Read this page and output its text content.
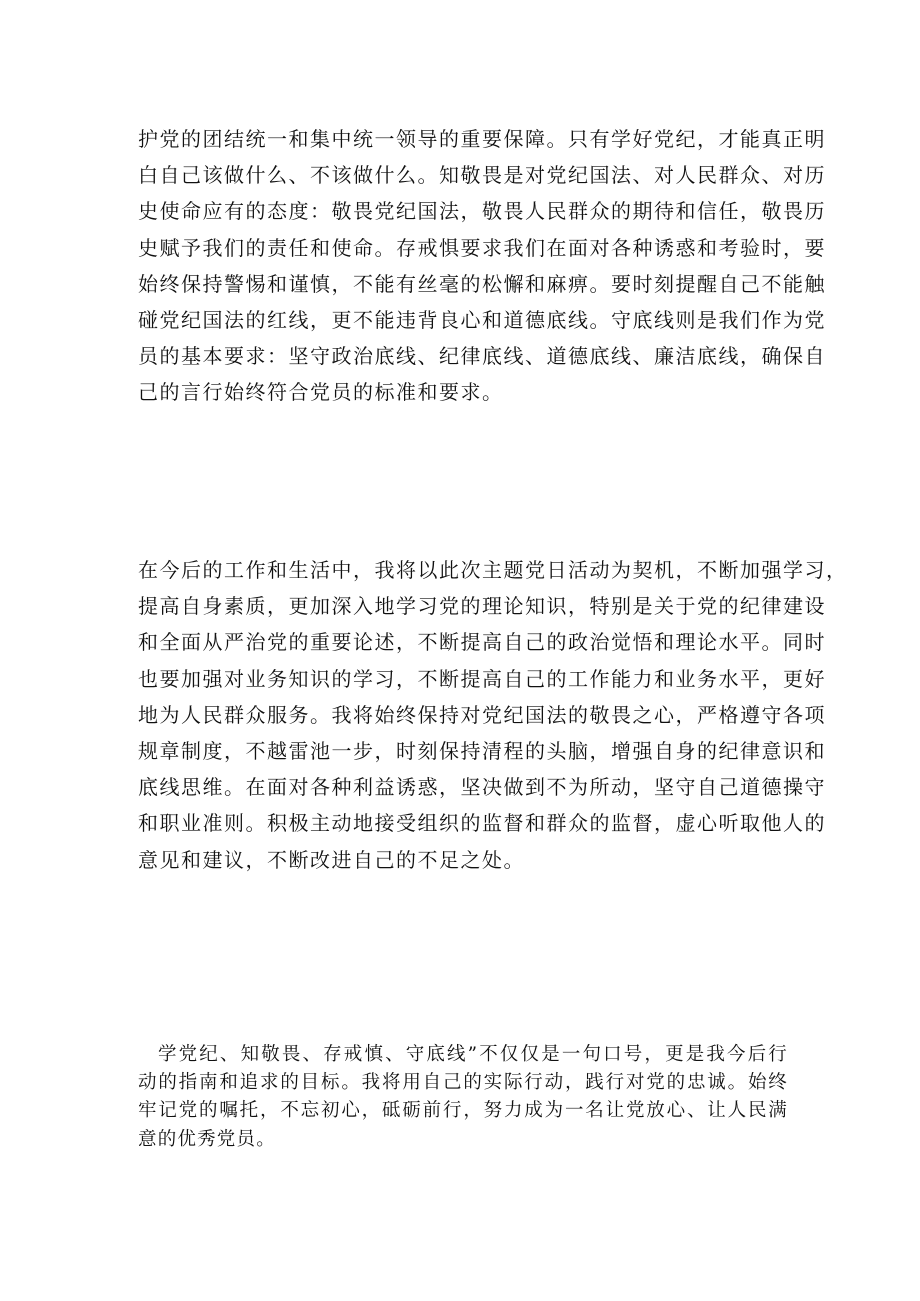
护党的团结统一和集中统一领导的重要保障。只有学好党纪，才能真正明
白自己该做什么、不该做什么。知敬畏是对党纪国法、对人民群众、对历
史使命应有的态度：敬畏党纪国法，敬畏人民群众的期待和信任，敬畏历
史赋予我们的责任和使命。存戒惧要求我们在面对各种诱惑和考验时，要
始终保持警惕和谨慎，不能有丝毫的松懈和麻痹。要时刻提醒自己不能触
碰党纪国法的红线，更不能违背良心和道德底线。守底线则是我们作为党
员的基本要求：坚守政治底线、纪律底线、道德底线、廉洁底线，确保自
己的言行始终符合党员的标准和要求。
在今后的工作和生活中，我将以此次主题党日活动为契机，不断加强学习，
提高自身素质，更加深入地学习党的理论知识，特别是关于党的纪律建设
和全面从严治党的重要论述，不断提高自己的政治觉悟和理论水平。同时
也要加强对业务知识的学习，不断提高自己的工作能力和业务水平，更好
地为人民群众服务。我将始终保持对党纪国法的敬畏之心，严格遵守各项
规章制度，不越雷池一步，时刻保持清程的头脑，增强自身的纪律意识和
底线思维。在面对各种利益诱惑，坚决做到不为所动，坚守自己道德操守
和职业准则。积极主动地接受组织的监督和群众的监督，虚心听取他人的
意见和建议，不断改进自己的不足之处。
学党纪、知敬畏、存戒慎、守底线”不仅仅是一句口号，更是我今后行
动的指南和追求的目标。我将用自己的实际行动，践行对党的忠诚。始终
牢记党的嘱托，不忘初心，砥砺前行，努力成为一名让党放心、让人民满
意的优秀党员。
